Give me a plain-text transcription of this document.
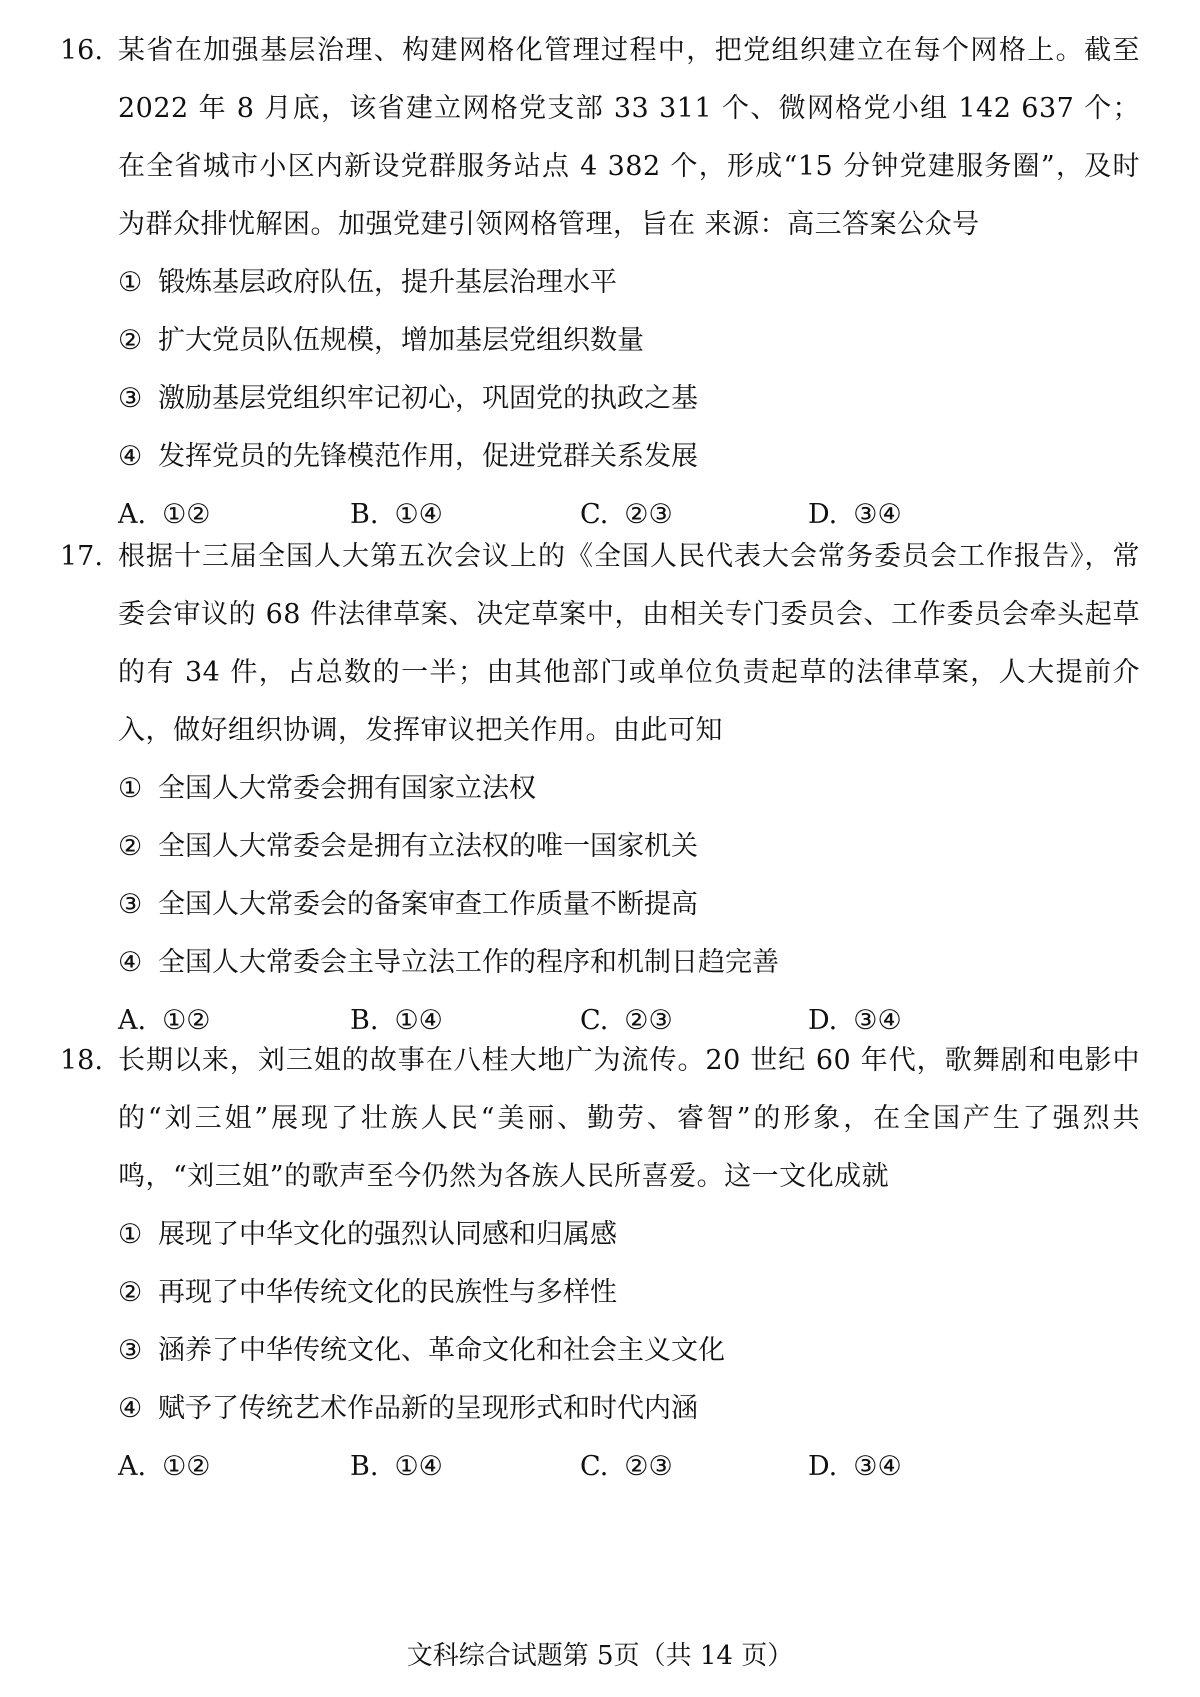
16. 某省在加强基层治理、构建网格化管理过程中，把党组织建立在每个网格上。截至2022 年 8 月底，该省建立网格党支部 33 311 个、微网格党小组 142 637 个；在全省城市小区内新设党群服务站点 4 382 个，形成“15 分钟党建服务圈”，及时为群众排忧解困。加强党建引领网格管理，旨在 来源：高三答案公众号
① 锻炼基层政府队伍，提升基层治理水平
② 扩大党员队伍规模，增加基层党组织数量
③ 激励基层党组织牢记初心，巩固党的执政之基
④ 发挥党员的先锋模范作用，促进党群关系发展
A. ①②	B. ①④	C. ②③	D. ③④
17. 根据十三届全国人大第五次会议上的《全国人民代表大会常务委员会工作报告》，常委会审议的 68 件法律草案、决定草案中，由相关专门委员会、工作委员会牵头起草的有 34 件，占总数的一半；由其他部门或单位负责起草的法律草案，人大提前介入，做好组织协调，发挥审议把关作用。由此可知
① 全国人大常委会拥有国家立法权
② 全国人大常委会是拥有立法权的唯一国家机关
③ 全国人大常委会的备案审查工作质量不断提高
④ 全国人大常委会主导立法工作的程序和机制日趋完善
A. ①②	B. ①④	C. ②③	D. ③④
18. 长期以来，刘三姐的故事在八桂大地广为流传。20 世纪 60 年代，歌舞剧和电影中的“刘三姐”展现了壮族人民“美丽、勤劳、睿智”的形象，在全国产生了强烈共鸣，“刘三姐”的歌声至今仍然为各族人民所喜爱。这一文化成就
① 展现了中华文化的强烈认同感和归属感
② 再现了中华传统文化的民族性与多样性
③ 涵养了中华传统文化、革命文化和社会主义文化
④ 赋予了传统艺术作品新的呈现形式和时代内涵
A. ①②	B. ①④	C. ②③	D. ③④
文科综合试题第 5页（共 14 页）
